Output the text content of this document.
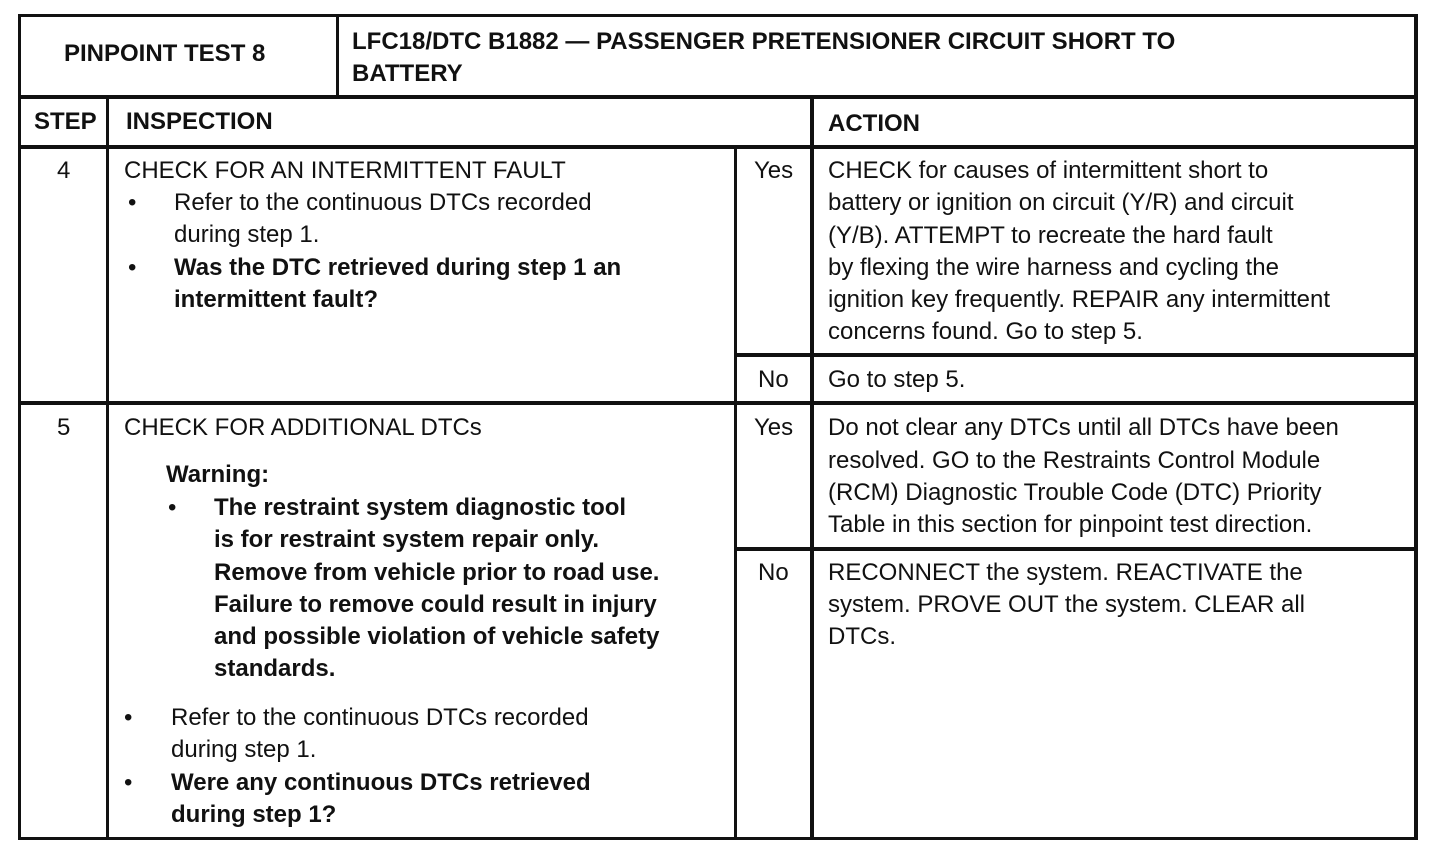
PINPOINT TEST 8	LFC18/DTC B1882 — PASSENGER PRETENSIONER CIRCUIT SHORT TO
BATTERY
STEP INSPECTION	ACTION
4 CHECK FOR AN INTERMITTENT FAULT
• Refer to the continuous DTCs recorded
during step 1.
• Was the DTC retrieved during step 1 an
intermittent fault?
Yes CHECK for causes of intermittent short to
battery or ignition on circuit (Y/R) and circuit
(Y/B). ATTEMPT to recreate the hard fault
by flexing the wire harness and cycling the
ignition key frequently. REPAIR any intermittent
concerns found. Go to step 5.
No Go to step 5.
5 CHECK FOR ADDITIONAL DTCs
Warning:
• The restraint system diagnostic tool
is for restraint system repair only.
Remove from vehicle prior to road use.
Failure to remove could result in injury
and possible violation of vehicle safety
standards.
• Refer to the continuous DTCs recorded
during step 1.
• Were any continuous DTCs retrieved
during step 1?
Yes Do not clear any DTCs until all DTCs have been
resolved. GO to the Restraints Control Module
(RCM) Diagnostic Trouble Code (DTC) Priority
Table in this section for pinpoint test direction.
No RECONNECT the system. REACTIVATE the
system. PROVE OUT the system. CLEAR all
DTCs.
